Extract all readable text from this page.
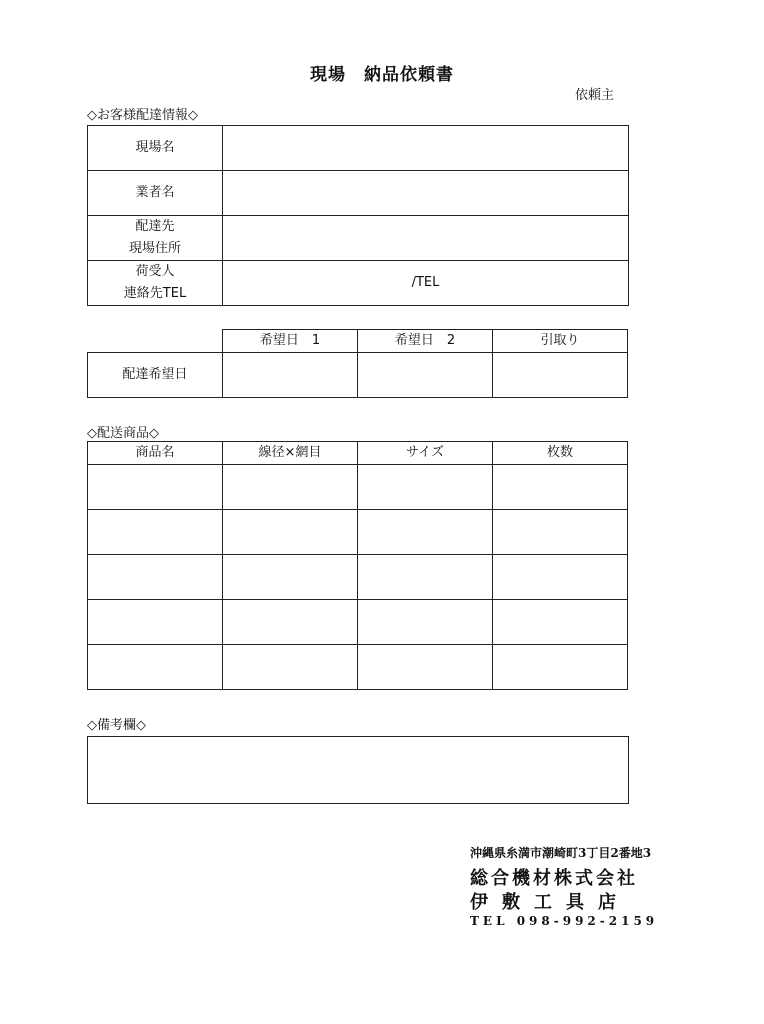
現場　納品依頼書
依頼主
◇お客様配達情報◇
現場名	
業者名	

配達先
現場住所	

荷受人
連絡先TEL	/TEL
	希望日　1	希望日　2	引取り
配達希望日			
◇配送商品◇
商品名	線径×網目	サイズ	枚数

◇備考欄◇
沖縄県糸満市潮崎町3丁目2番地3
総合機材株式会社
伊敷工具店
TEL 098-992-2159
